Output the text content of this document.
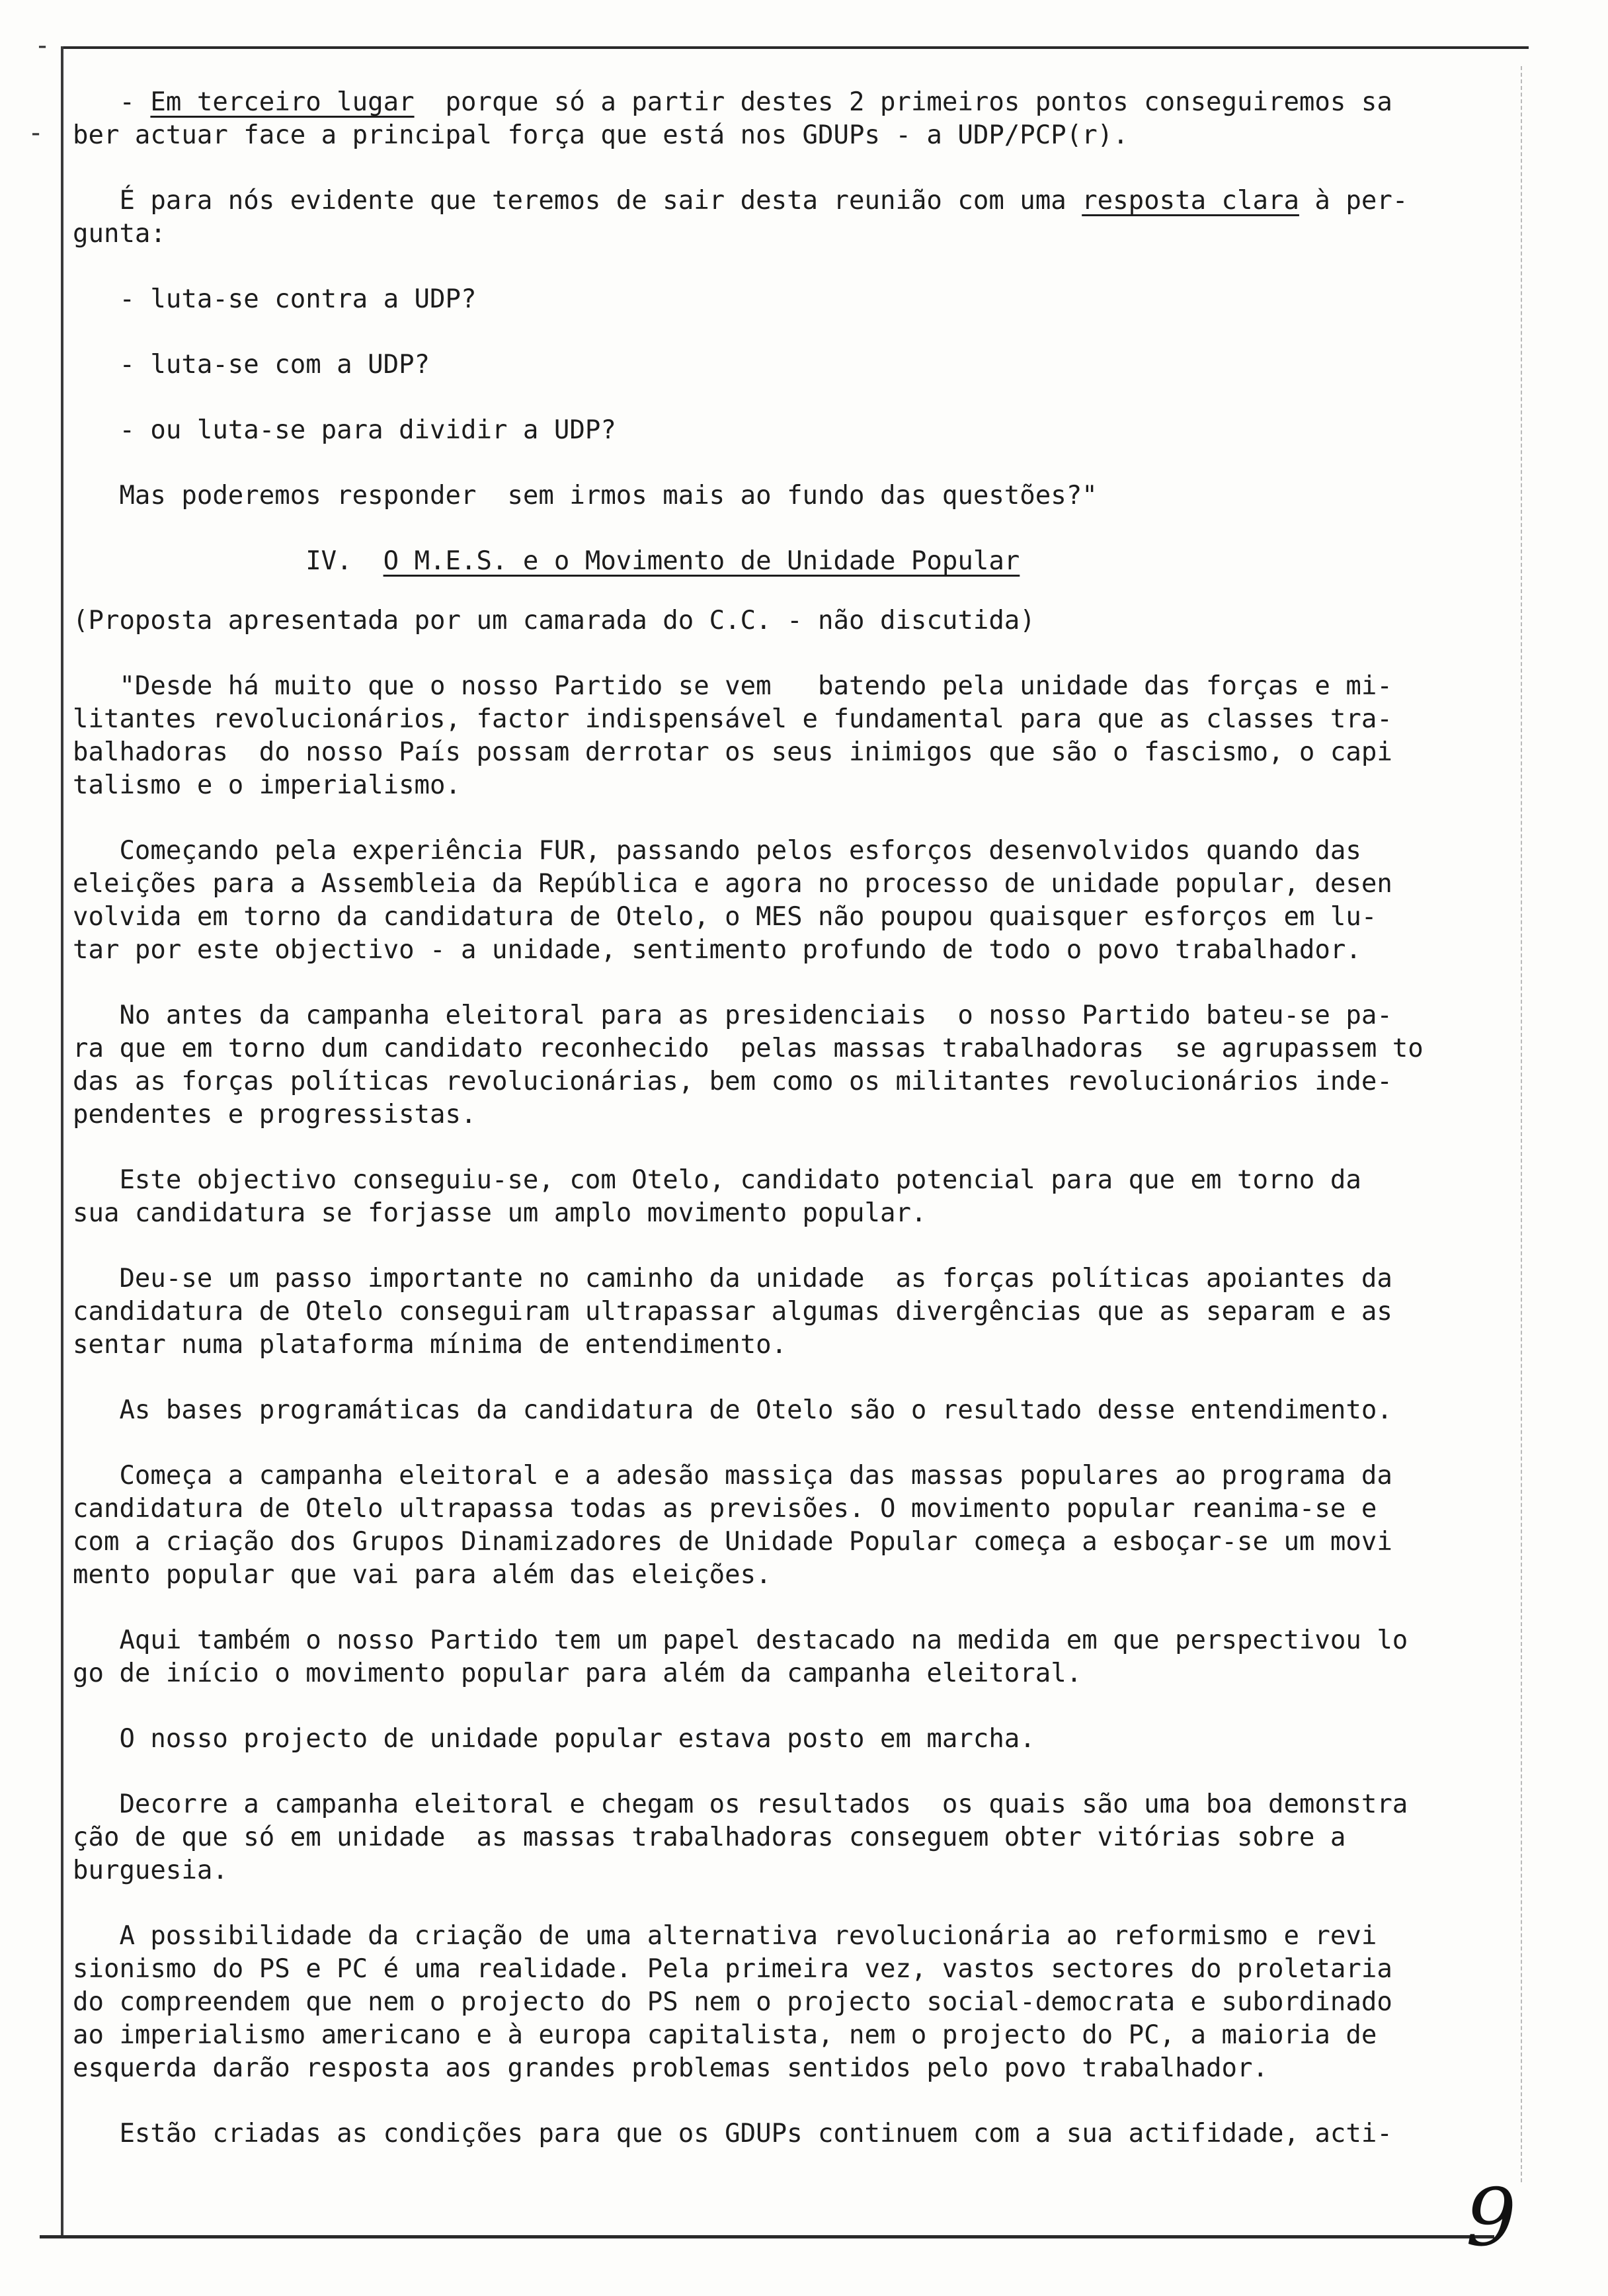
-
-
- Em terceiro lugar  porque só a partir destes 2 primeiros pontos conseguiremos sa
ber actuar face a principal força que está nos GDUPs - a UDP/PCP(r).
É para nós evidente que teremos de sair desta reunião com uma resposta clara à per-
gunta:
- luta-se contra a UDP?
- luta-se com a UDP?
- ou luta-se para dividir a UDP?
Mas poderemos responder  sem irmos mais ao fundo das questões?"
IV.  O M.E.S. e o Movimento de Unidade Popular
(Proposta apresentada por um camarada do C.C. - não discutida)
"Desde há muito que o nosso Partido se vem   batendo pela unidade das forças e mi-
litantes revolucionários, factor indispensável e fundamental para que as classes tra-
balhadoras  do nosso País possam derrotar os seus inimigos que são o fascismo, o capi
talismo e o imperialismo.
Começando pela experiência FUR, passando pelos esforços desenvolvidos quando das
eleições para a Assembleia da República e agora no processo de unidade popular, desen
volvida em torno da candidatura de Otelo, o MES não poupou quaisquer esforços em lu-
tar por este objectivo - a unidade, sentimento profundo de todo o povo trabalhador.
No antes da campanha eleitoral para as presidenciais  o nosso Partido bateu-se pa-
ra que em torno dum candidato reconhecido  pelas massas trabalhadoras  se agrupassem to
das as forças políticas revolucionárias, bem como os militantes revolucionários inde-
pendentes e progressistas.
Este objectivo conseguiu-se, com Otelo, candidato potencial para que em torno da
sua candidatura se forjasse um amplo movimento popular.
Deu-se um passo importante no caminho da unidade  as forças políticas apoiantes da
candidatura de Otelo conseguiram ultrapassar algumas divergências que as separam e as
sentar numa plataforma mínima de entendimento.
As bases programáticas da candidatura de Otelo são o resultado desse entendimento.
Começa a campanha eleitoral e a adesão massiça das massas populares ao programa da
candidatura de Otelo ultrapassa todas as previsões. O movimento popular reanima-se e
com a criação dos Grupos Dinamizadores de Unidade Popular começa a esboçar-se um movi
mento popular que vai para além das eleições.
Aqui também o nosso Partido tem um papel destacado na medida em que perspectivou lo
go de início o movimento popular para além da campanha eleitoral.
O nosso projecto de unidade popular estava posto em marcha.
Decorre a campanha eleitoral e chegam os resultados  os quais são uma boa demonstra
ção de que só em unidade  as massas trabalhadoras conseguem obter vitórias sobre a
burguesia.
A possibilidade da criação de uma alternativa revolucionária ao reformismo e revi
sionismo do PS e PC é uma realidade. Pela primeira vez, vastos sectores do proletaria
do compreendem que nem o projecto do PS nem o projecto social-democrata e subordinado
ao imperialismo americano e à europa capitalista, nem o projecto do PC, a maioria de
esquerda darão resposta aos grandes problemas sentidos pelo povo trabalhador.
Estão criadas as condições para que os GDUPs continuem com a sua actifidade, acti-
9
